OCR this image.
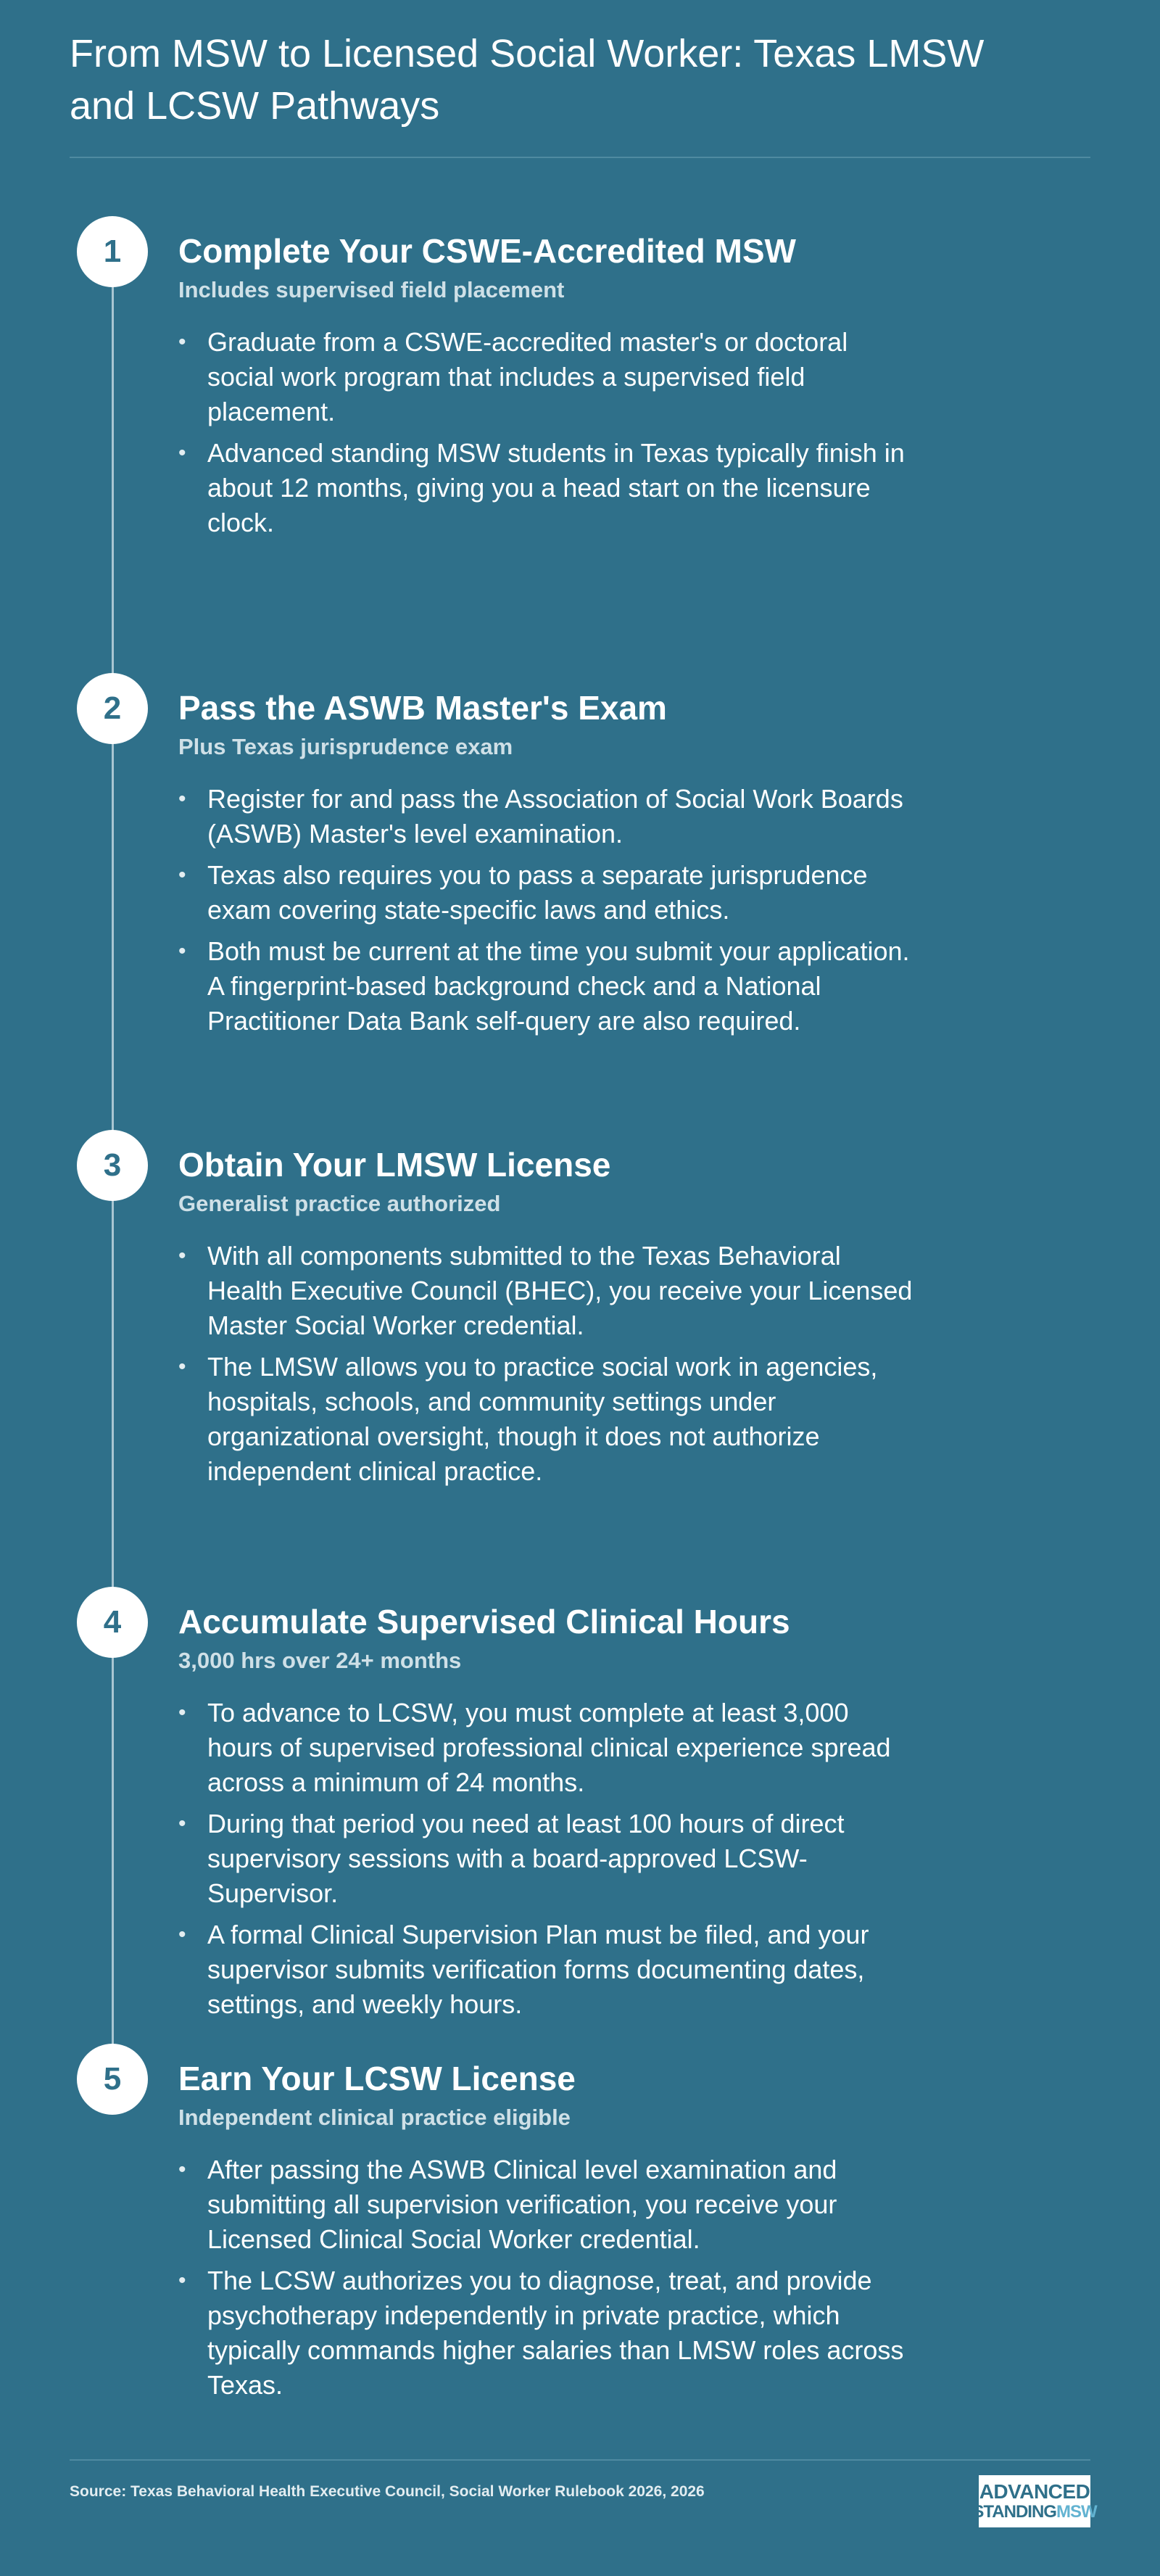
From MSW to Licensed Social Worker: Texas LMSW and LCSW Pathways
1	Complete Your CSWE-Accredited MSW
Includes supervised field placement
• Graduate from a CSWE-accredited master's or doctoral social work program that includes a supervised field placement.
• Advanced standing MSW students in Texas typically finish in about 12 months, giving you a head start on the licensure clock.
2	Pass the ASWB Master's Exam
Plus Texas jurisprudence exam
• Register for and pass the Association of Social Work Boards (ASWB) Master's level examination.
• Texas also requires you to pass a separate jurisprudence exam covering state-specific laws and ethics.
• Both must be current at the time you submit your application. A fingerprint-based background check and a National Practitioner Data Bank self-query are also required.
3	Obtain Your LMSW License
Generalist practice authorized
• With all components submitted to the Texas Behavioral Health Executive Council (BHEC), you receive your Licensed Master Social Worker credential.
• The LMSW allows you to practice social work in agencies, hospitals, schools, and community settings under organizational oversight, though it does not authorize independent clinical practice.
4	Accumulate Supervised Clinical Hours
3,000 hrs over 24+ months
• To advance to LCSW, you must complete at least 3,000 hours of supervised professional clinical experience spread across a minimum of 24 months.
• During that period you need at least 100 hours of direct supervisory sessions with a board-approved LCSW-Supervisor.
• A formal Clinical Supervision Plan must be filed, and your supervisor submits verification forms documenting dates, settings, and weekly hours.
5	Earn Your LCSW License
Independent clinical practice eligible
• After passing the ASWB Clinical level examination and submitting all supervision verification, you receive your Licensed Clinical Social Worker credential.
• The LCSW authorizes you to diagnose, treat, and provide psychotherapy independently in private practice, which typically commands higher salaries than LMSW roles across Texas.
Source: Texas Behavioral Health Executive Council, Social Worker Rulebook 2026, 2026	ADVANCED
STANDINGMSW
